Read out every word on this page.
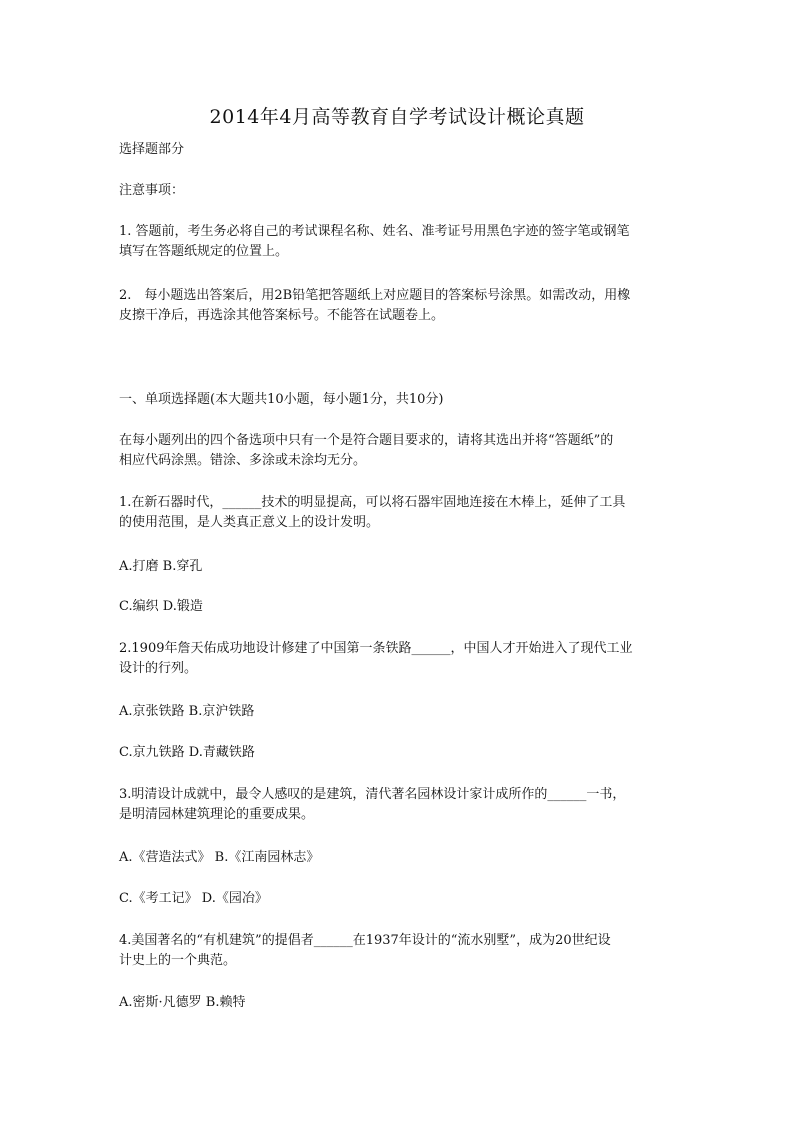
2014年4月高等教育自学考试设计概论真题

选择题部分

注意事项：

1. 答题前，考生务必将自己的考试课程名称、姓名、准考证号用黑色字迹的签字笔或钢笔

填写在答题纸规定的位置上。

2.　每小题选出答案后，用2B铅笔把答题纸上对应题目的答案标号涂黑。如需改动，用橡

皮擦干净后，再选涂其他答案标号。不能答在试题卷上。

一、单项选择题(本大题共10小题，每小题1分，共10分)

在每小题列出的四个备选项中只有一个是符合题目要求的，请将其选出并将“答题纸”的

相应代码涂黑。错涂、多涂或未涂均无分。

1.在新石器时代，______技术的明显提高，可以将石器牢固地连接在木棒上，延伸了工具

的使用范围，是人类真正意义上的设计发明。

A.打磨 B.穿孔

C.编织 D.锻造

2.1909年詹天佑成功地设计修建了中国第一条铁路______，中国人才开始进入了现代工业

设计的行列。

A.京张铁路 B.京沪铁路

C.京九铁路 D.青藏铁路

3.明清设计成就中，最令人感叹的是建筑，清代著名园林设计家计成所作的______一书，

是明清园林建筑理论的重要成果。

A.《营造法式》 B.《江南园林志》

C.《考工记》 D.《园冶》

4.美国著名的“有机建筑”的提倡者______在1937年设计的“流水别墅”，成为20世纪设

计史上的一个典范。

A.密斯·凡德罗 B.赖特
